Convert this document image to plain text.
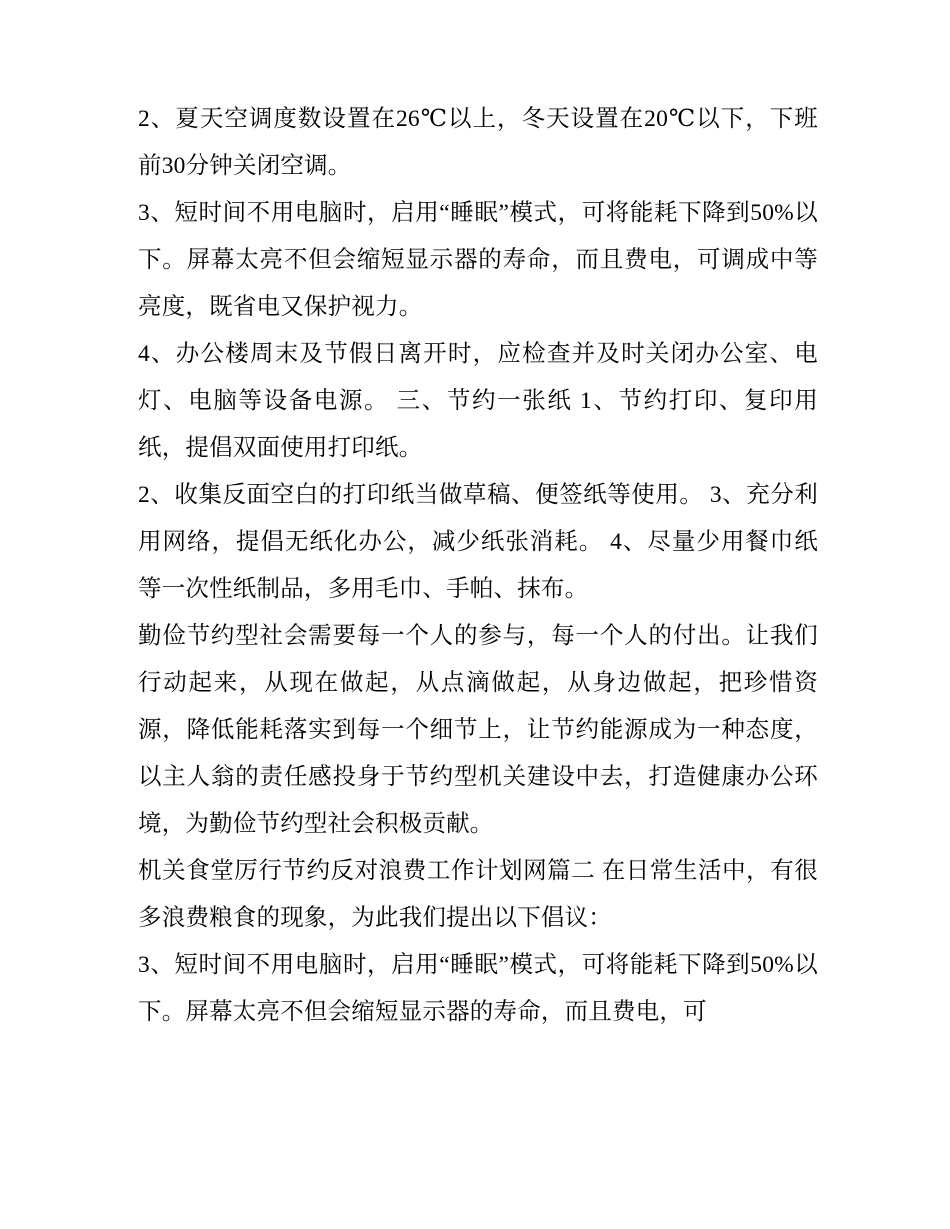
2、夏天空调度数设置在26℃以上，冬天设置在20℃以下，下班前30分钟关闭空调。

3、短时间不用电脑时，启用“睡眠”模式，可将能耗下降到50%以下。屏幕太亮不但会缩短显示器的寿命，而且费电，可调成中等亮度，既省电又保护视力。

4、办公楼周末及节假日离开时，应检查并及时关闭办公室、电灯、电脑等设备电源。 三、节约一张纸 1、节约打印、复印用纸，提倡双面使用打印纸。

2、收集反面空白的打印纸当做草稿、便签纸等使用。 3、充分利用网络，提倡无纸化办公，减少纸张消耗。 4、尽量少用餐巾纸等一次性纸制品，多用毛巾、手帕、抹布。

勤俭节约型社会需要每一个人的参与，每一个人的付出。让我们行动起来，从现在做起，从点滴做起，从身边做起，把珍惜资源，降低能耗落实到每一个细节上，让节约能源成为一种态度，以主人翁的责任感投身于节约型机关建设中去，打造健康办公环境，为勤俭节约型社会积极贡献。

机关食堂厉行节约反对浪费工作计划网篇二 在日常生活中，有很多浪费粮食的现象，为此我们提出以下倡议：

3、短时间不用电脑时，启用“睡眠”模式，可将能耗下降到50%以下。屏幕太亮不但会缩短显示器的寿命，而且费电，可
